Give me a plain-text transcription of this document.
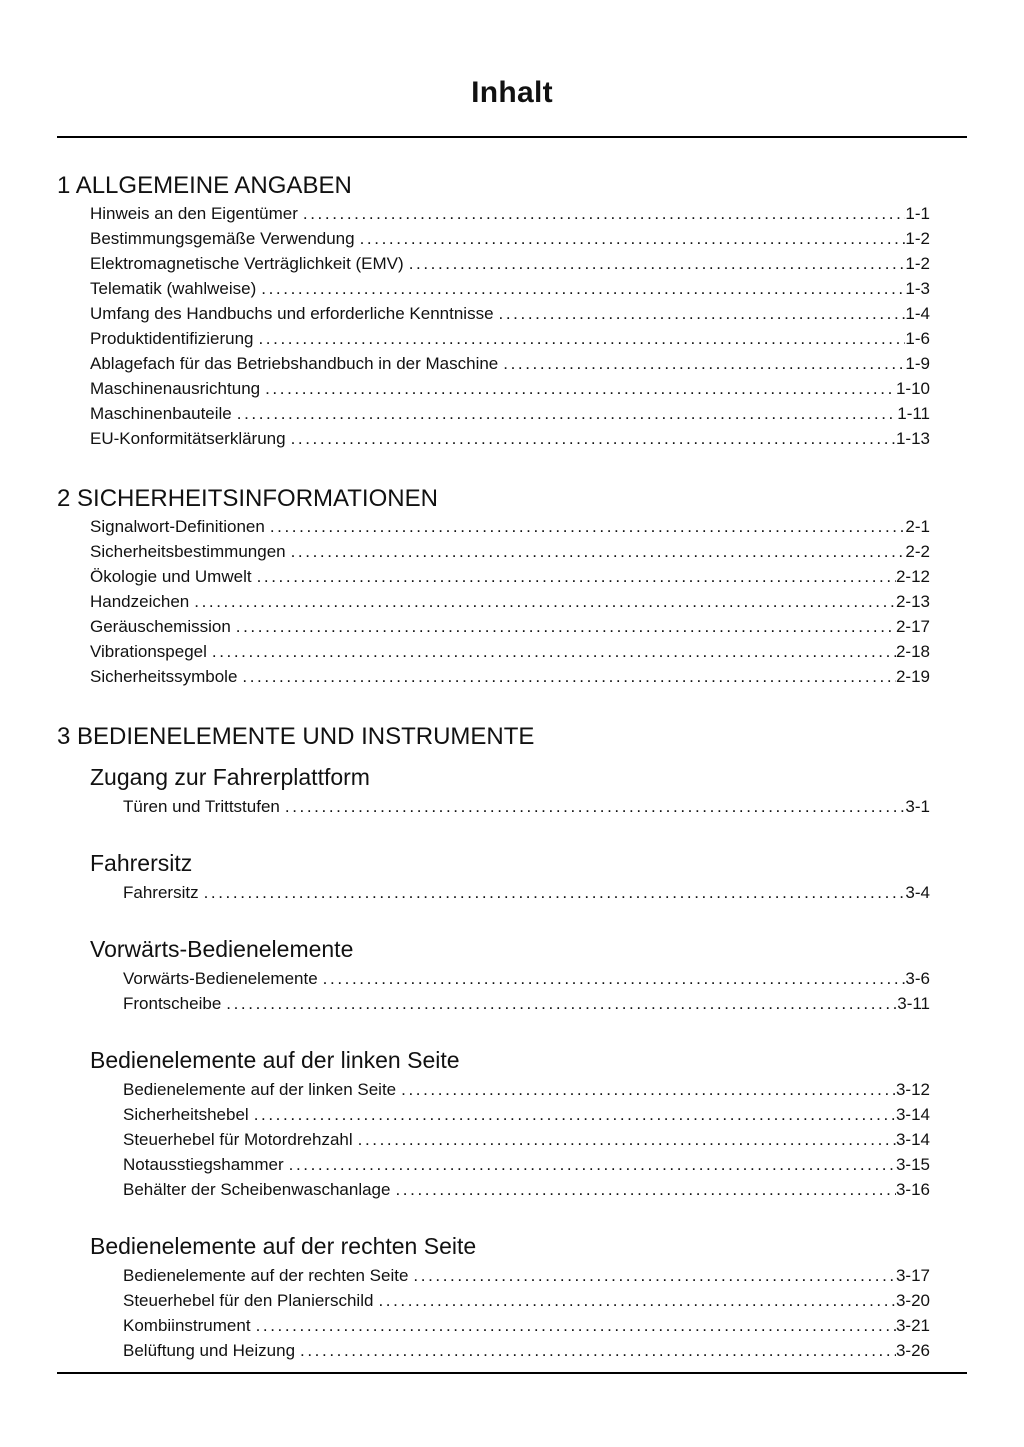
Inhalt
1 ALLGEMEINE ANGABEN
Hinweis an den Eigentümer .....	1-1
Bestimmungsgemäße Verwendung .....	1-2
Elektromagnetische Verträglichkeit (EMV) .....	1-2
Telematik (wahlweise) .....	1-3
Umfang des Handbuchs und erforderliche Kenntnisse .....	1-4
Produktidentifizierung .....	1-6
Ablagefach für das Betriebshandbuch in der Maschine .....	1-9
Maschinenausrichtung .....	1-10
Maschinenbauteile .....	1-11
EU-Konformitätserklärung .....	1-13
2 SICHERHEITSINFORMATIONEN
Signalwort-Definitionen .....	2-1
Sicherheitsbestimmungen .....	2-2
Ökologie und Umwelt .....	2-12
Handzeichen .....	2-13
Geräuschemission .....	2-17
Vibrationspegel .....	2-18
Sicherheitssymbole .....	2-19
3 BEDIENELEMENTE UND INSTRUMENTE
Zugang zur Fahrerplattform
Türen und Trittstufen .....	3-1
Fahrersitz
Fahrersitz .....	3-4
Vorwärts-Bedienelemente
Vorwärts-Bedienelemente .....	3-6
Frontscheibe .....	3-11
Bedienelemente auf der linken Seite
Bedienelemente auf der linken Seite .....	3-12
Sicherheitshebel .....	3-14
Steuerhebel für Motordrehzahl .....	3-14
Notausstiegshammer .....	3-15
Behälter der Scheibenwaschanlage .....	3-16
Bedienelemente auf der rechten Seite
Bedienelemente auf der rechten Seite .....	3-17
Steuerhebel für den Planierschild .....	3-20
Kombiinstrument .....	3-21
Belüftung und Heizung .....	3-26
